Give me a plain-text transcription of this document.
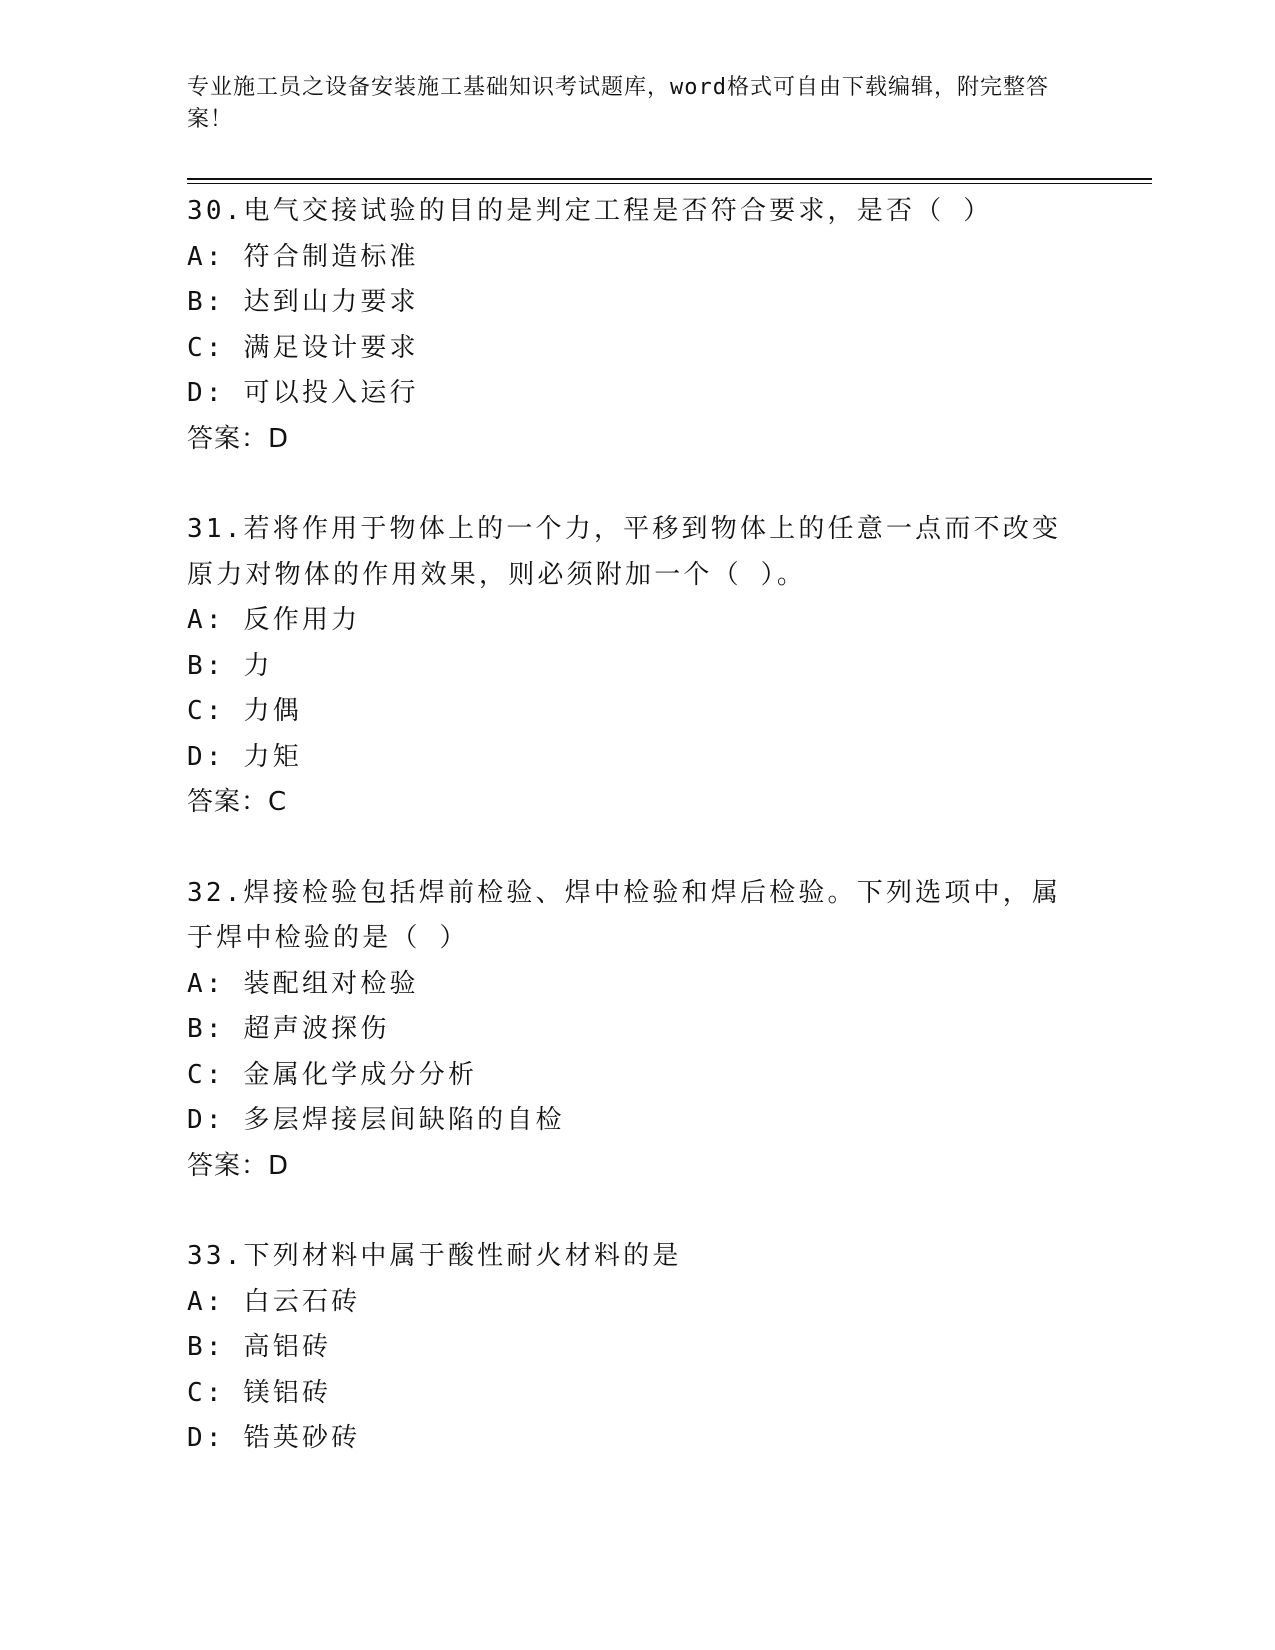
专业施工员之设备安装施工基础知识考试题库，word格式可自由下载编辑，附完整答案！
30.电气交接试验的目的是判定工程是否符合要求，是否（ ）
A: 符合制造标准
B: 达到山力要求
C: 满足设计要求
D: 可以投入运行
答案：D
31.若将作用于物体上的一个力，平移到物体上的任意一点而不改变原力对物体的作用效果，则必须附加一个（ ）。
A: 反作用力
B: 力
C: 力偶
D: 力矩
答案：C
32.焊接检验包括焊前检验、焊中检验和焊后检验。下列选项中，属于焊中检验的是（ ）
A: 装配组对检验
B: 超声波探伤
C: 金属化学成分分析
D: 多层焊接层间缺陷的自检
答案：D
33.下列材料中属于酸性耐火材料的是
A: 白云石砖
B: 高铝砖
C: 镁铝砖
D: 锆英砂砖
